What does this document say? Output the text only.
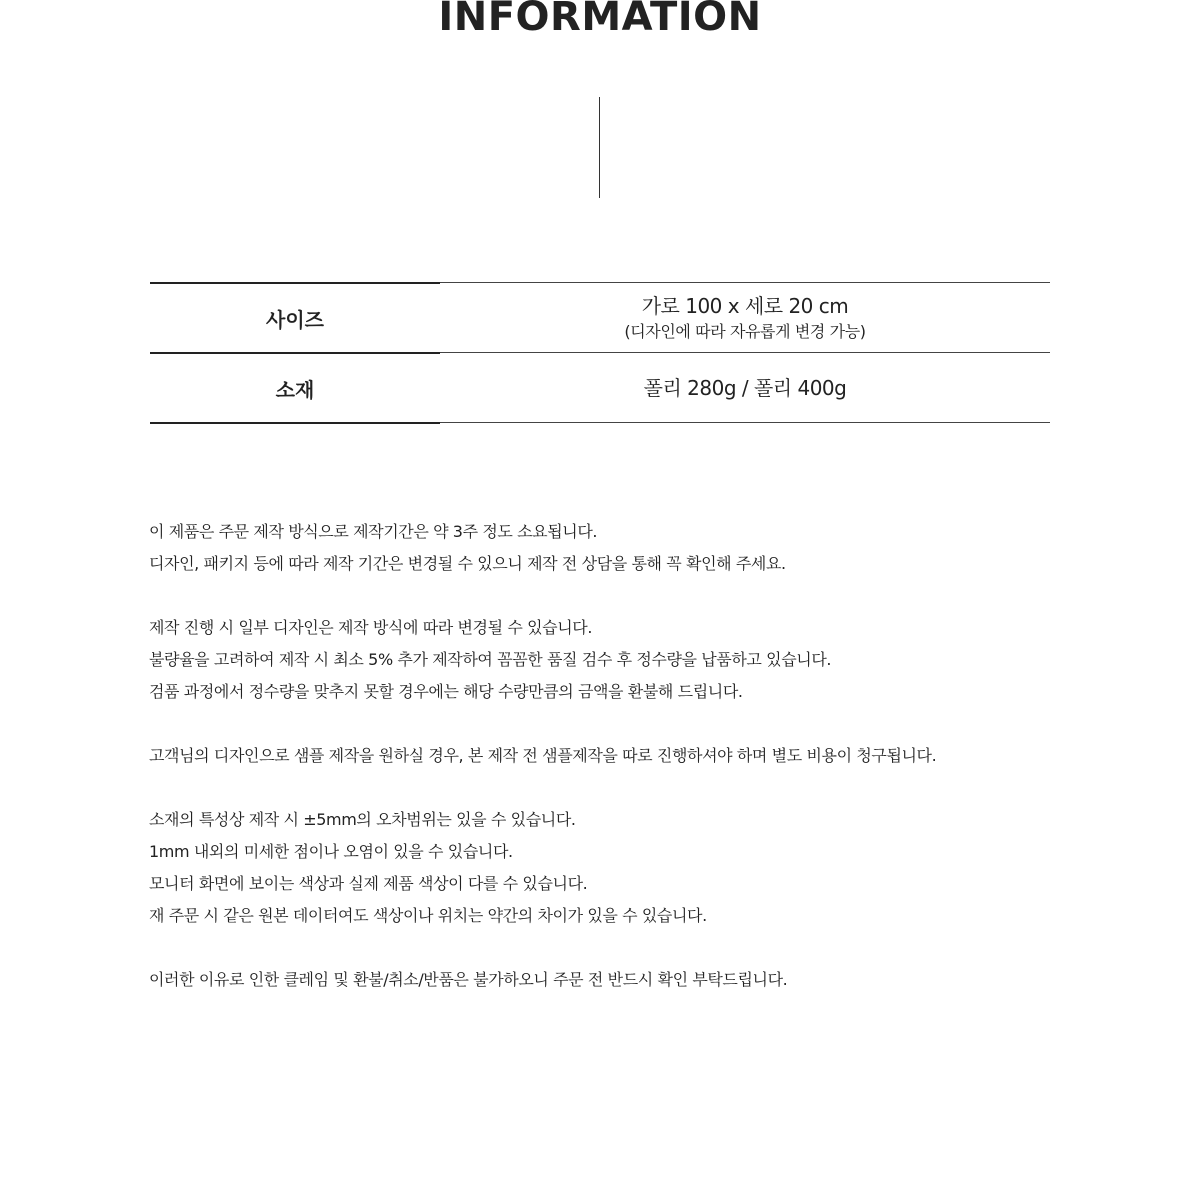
INFORMATION
사이즈
가로 100 x 세로 20 cm
(디자인에 따라 자유롭게 변경 가능)
소재	폴리 280g / 폴리 400g
이 제품은 주문 제작 방식으로 제작기간은 약 3주 정도 소요됩니다.
디자인, 패키지 등에 따라 제작 기간은 변경될 수 있으니 제작 전 상담을 통해 꼭 확인해 주세요.
제작 진행 시 일부 디자인은 제작 방식에 따라 변경될 수 있습니다.
불량율을 고려하여 제작 시 최소 5% 추가 제작하여 꼼꼼한 품질 검수 후 정수량을 납품하고 있습니다.
검품 과정에서 정수량을 맞추지 못할 경우에는 해당 수량만큼의 금액을 환불해 드립니다.
고객님의 디자인으로 샘플 제작을 원하실 경우, 본 제작 전 샘플제작을 따로 진행하셔야 하며 별도 비용이 청구됩니다.
소재의 특성상 제작 시 ±5mm의 오차범위는 있을 수 있습니다.
1mm 내외의 미세한 점이나 오염이 있을 수 있습니다.
모니터 화면에 보이는 색상과 실제 제품 색상이 다를 수 있습니다.
재 주문 시 같은 원본 데이터여도 색상이나 위치는 약간의 차이가 있을 수 있습니다.
이러한 이유로 인한 클레임 및 환불/취소/반품은 불가하오니 주문 전 반드시 확인 부탁드립니다.
